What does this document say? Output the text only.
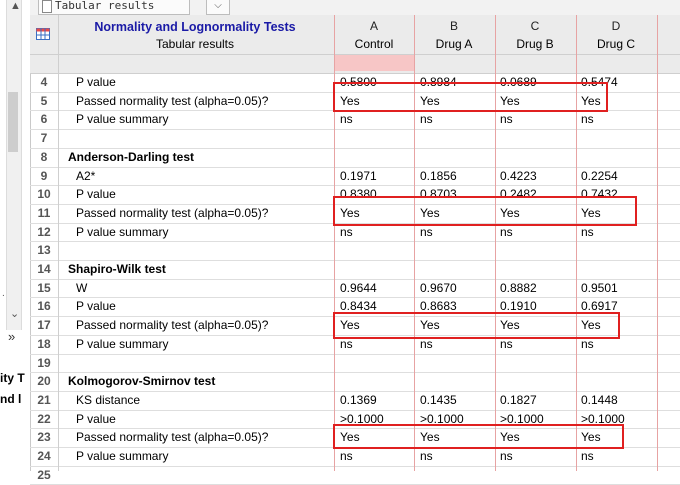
▲
⌄
.
»
ity T
nd l
Tabular results	⌵
Normality and Lognormality Tests
Tabular results
A	B	C	D
Control	Drug A	Drug B	Drug C
4	P value	0.5800	0.8984	0.0689	0.5474
5	Passed normality test (alpha=0.05)?	Yes	Yes	Yes	Yes
6	P value summary	ns	ns	ns	ns
7
8	Anderson-Darling test
9	A2*	0.1971	0.1856	0.4223	0.2254
10	P value	0.8380	0.8703	0.2482	0.7432
11	Passed normality test (alpha=0.05)?	Yes	Yes	Yes	Yes
12	P value summary	ns	ns	ns	ns
13
14	Shapiro-Wilk test
15	W	0.9644	0.9670	0.8882	0.9501
16	P value	0.8434	0.8683	0.1910	0.6917
17	Passed normality test (alpha=0.05)?	Yes	Yes	Yes	Yes
18	P value summary	ns	ns	ns	ns
19
20	Kolmogorov-Smirnov test
21	KS distance	0.1369	0.1435	0.1827	0.1448
22	P value	>0.1000	>0.1000	>0.1000	>0.1000
23	Passed normality test (alpha=0.05)?	Yes	Yes	Yes	Yes
24	P value summary	ns	ns	ns	ns
25
